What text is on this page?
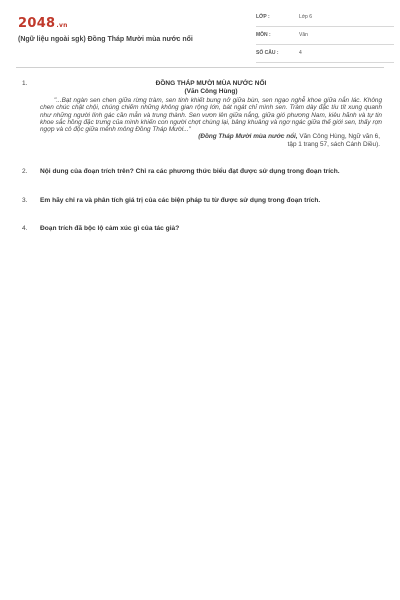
2048.vn
(Ngữ liệu ngoài sgk) Đồng Tháp Mười mùa nước nổi
LỚP :	Lớp 6
MÔN :	Văn
SỐ CÂU :	4
1.	ĐỒNG THÁP MƯỜI MÙA NƯỚC NỔI
(Văn Công Hùng)
"...Bạt ngàn sen chen giữa rừng tràm, sen tinh khiết bung nở giữa bùn, sen ngạo nghễ khoe giữa nắn lác. Không chen chúc chật chội, chúng chiếm những không gian rộng lớn, bát ngát chỉ mình sen. Tràm dày đặc tíu tít xung quanh như những người lính gác cần mẫn và trung thành. Sen vươn lên giữa nắng, giữa gió phương Nam, kiêu hãnh và tự tin khoe sắc hồng đặc trưng của mình khiến con người chợt chùng lại, bâng khuâng và ngơ ngác giữa thế giới sen, thấy rợn ngợp và cô độc giữa mênh mông Đồng Tháp Mười..."
(Đồng Tháp Mười mùa nước nổi, Văn Công Hùng, Ngữ văn 6,
tập 1 trang 57, sách Cánh Diều).
2. Nội dung của đoạn trích trên? Chỉ ra các phương thức biểu đạt được sử dụng trong đoạn trích.
3. Em hãy chỉ ra và phân tích giá trị của các biện pháp tu từ được sử dụng trong đoạn trích.
4. Đoạn trích đã bộc lộ cảm xúc gì của tác giả?
